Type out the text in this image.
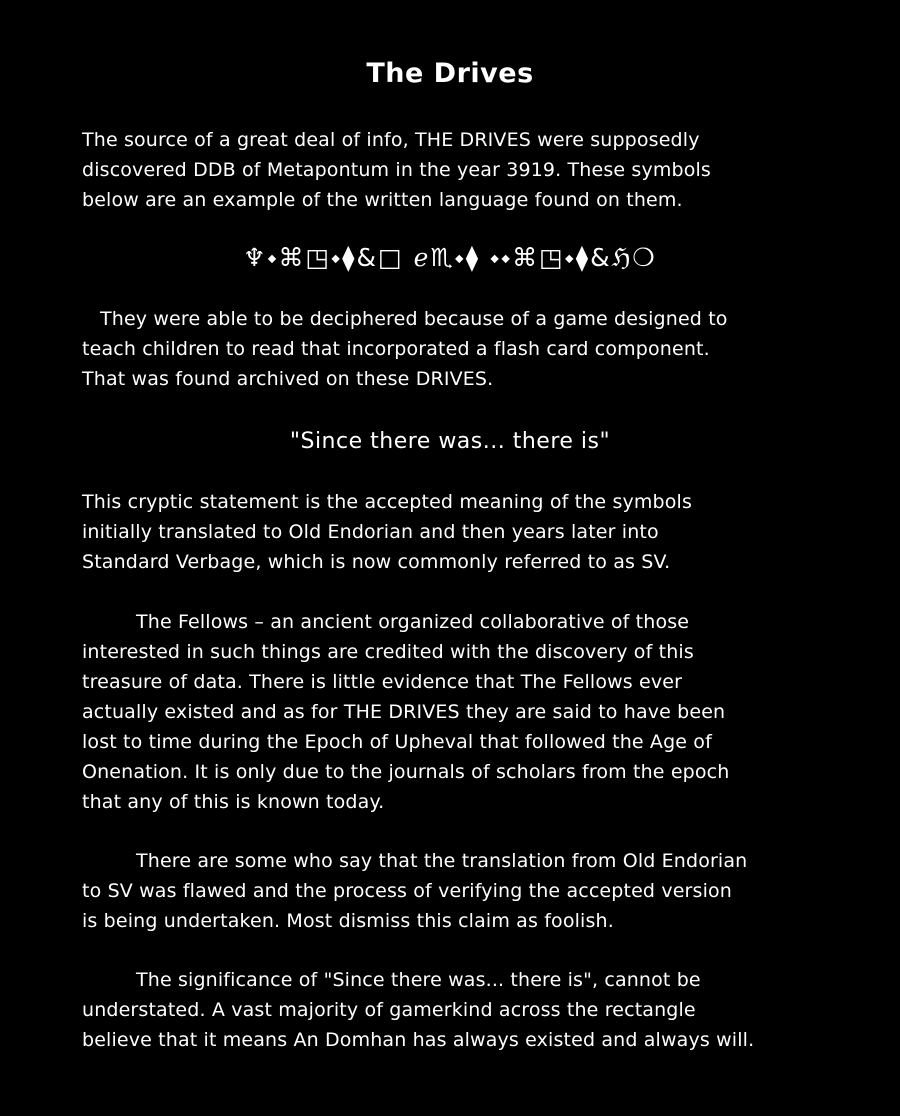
The Drives

The source of a great deal of info, THE DRIVES were supposedly
discovered DDB of Metapontum in the year 3919. These symbols
below are an example of the written language found on them.

♆⬩⌘◳⬩⧫&□ ℯ♏⬩⧫ ⬩⬩⌘◳⬩⧫&ℌ❍

They were able to be deciphered because of a game designed to
teach children to read that incorporated a flash card component.
That was found archived on these DRIVES.

"Since there was... there is"

This cryptic statement is the accepted meaning of the symbols
initially translated to Old Endorian and then years later into
Standard Verbage, which is now commonly referred to as SV.

The Fellows – an ancient organized collaborative of those
interested in such things are credited with the discovery of this
treasure of data. There is little evidence that The Fellows ever
actually existed and as for THE DRIVES they are said to have been
lost to time during the Epoch of Upheval that followed the Age of
Onenation. It is only due to the journals of scholars from the epoch
that any of this is known today.

There are some who say that the translation from Old Endorian
to SV was flawed and the process of verifying the accepted version
is being undertaken. Most dismiss this claim as foolish.

The significance of "Since there was... there is", cannot be
understated. A vast majority of gamerkind across the rectangle
believe that it means An Domhan has always existed and always will.
